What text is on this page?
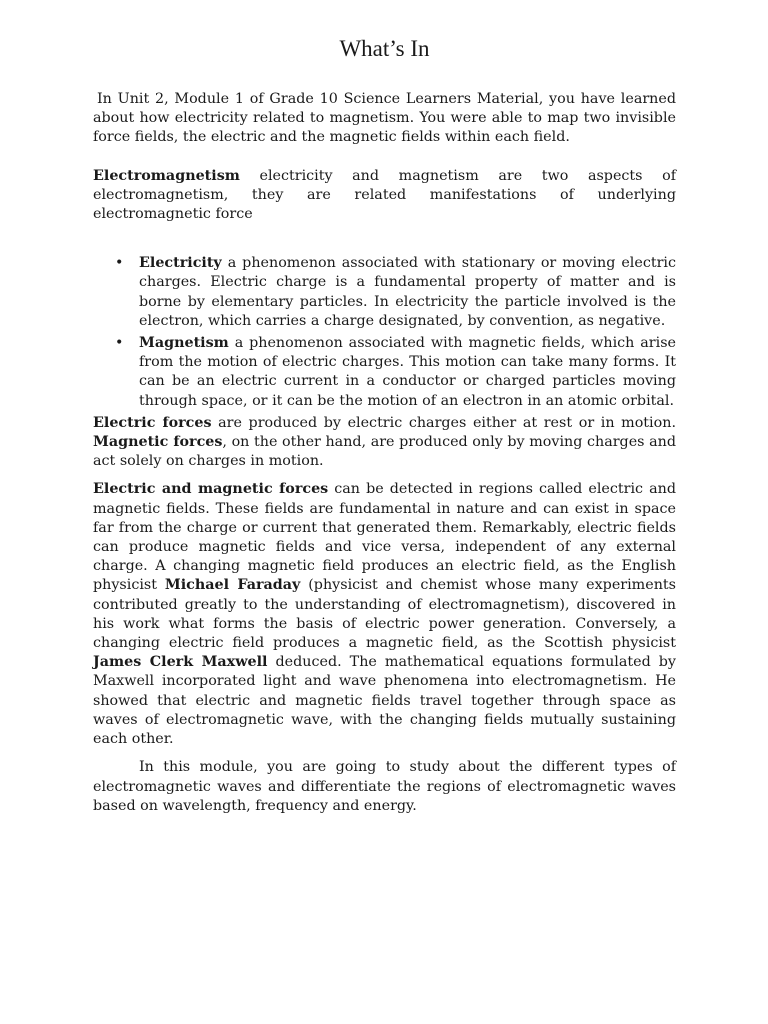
What’s In

In Unit 2, Module 1 of Grade 10 Science Learners Material, you have learned about how electricity related to magnetism. You were able to map two invisible force fields, the electric and the magnetic fields within each field.

Electromagnetism electricity and magnetism are two aspects of electromagnetism, they are related manifestations of underlying electromagnetic force

• Electricity a phenomenon associated with stationary or moving electric charges. Electric charge is a fundamental property of matter and is borne by elementary particles. In electricity the particle involved is the electron, which carries a charge designated, by convention, as negative.
• Magnetism a phenomenon associated with magnetic fields, which arise from the motion of electric charges. This motion can take many forms. It can be an electric current in a conductor or charged particles moving through space, or it can be the motion of an electron in an atomic orbital.

Electric forces are produced by electric charges either at rest or in motion. Magnetic forces, on the other hand, are produced only by moving charges and act solely on charges in motion.

Electric and magnetic forces can be detected in regions called electric and magnetic fields. These fields are fundamental in nature and can exist in space far from the charge or current that generated them. Remarkably, electric fields can produce magnetic fields and vice versa, independent of any external charge. A changing magnetic field produces an electric field, as the English physicist Michael Faraday (physicist and chemist whose many experiments contributed greatly to the understanding of electromagnetism), discovered in his work what forms the basis of electric power generation. Conversely, a changing electric field produces a magnetic field, as the Scottish physicist James Clerk Maxwell deduced. The mathematical equations formulated by Maxwell incorporated light and wave phenomena into electromagnetism. He showed that electric and magnetic fields travel together through space as waves of electromagnetic wave, with the changing fields mutually sustaining each other.

In this module, you are going to study about the different types of electromagnetic waves and differentiate the regions of electromagnetic waves based on wavelength, frequency and energy.
